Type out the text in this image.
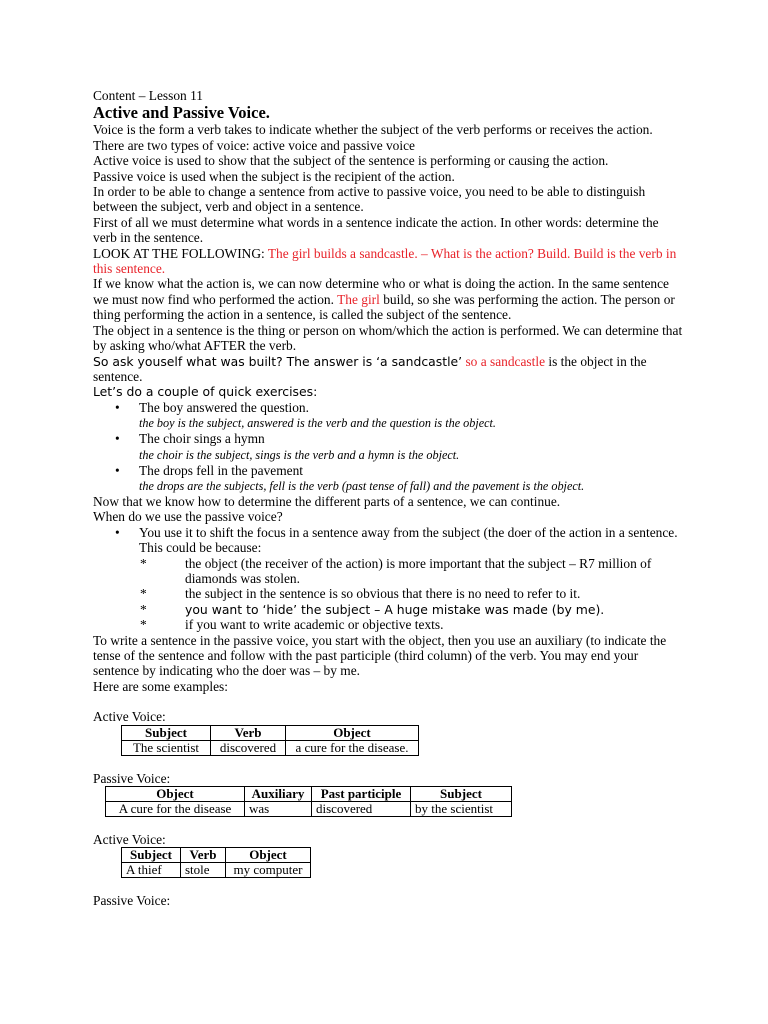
Content – Lesson 11

Active and Passive Voice.

Voice is the form a verb takes to indicate whether the subject of the verb performs or receives the action.

There are two types of voice: active voice and passive voice

Active voice is used to show that the subject of the sentence is performing or causing the action.

Passive voice is used when the subject is the recipient of the action.

In order to be able to change a sentence from active to passive voice, you need to be able to distinguish between the subject, verb and object in a sentence.

First of all we must determine what words in a sentence indicate the action. In other words: determine the verb in the sentence.

LOOK AT THE FOLLOWING: The girl builds a sandcastle. – What is the action? Build. Build is the verb in this sentence.

If we know what the action is, we can now determine who or what is doing the action. In the same sentence we must now find who performed the action. The girl build, so she was performing the action. The person or thing performing the action in a sentence, is called the subject of the sentence.

The object in a sentence is the thing or person on whom/which the action is performed. We can determine that by asking who/what AFTER the verb.

So ask youself what was built? The answer is ‘a sandcastle’ so a sandcastle is the object in the sentence.

Let’s do a couple of quick exercises:

• The boy answered the question.
the boy is the subject, answered is the verb and the question is the object.
• The choir sings a hymn
the choir is the subject, sings is the verb and a hymn is the object.
• The drops fell in the pavement
the drops are the subjects, fell is the verb (past tense of fall) and the pavement is the object.

Now that we know how to determine the different parts of a sentence, we can continue.

When do we use the passive voice?

• You use it to shift the focus in a sentence away from the subject (the doer of the action in a sentence. This could be because:
*	the object (the receiver of the action) is more important that the subject – R7 million of diamonds was stolen.
*	the subject in the sentence is so obvious that there is no need to refer to it.
*	you want to ‘hide’ the subject – A huge mistake was made (by me).
*	if you want to write academic or objective texts.

To write a sentence in the passive voice, you start with the object, then you use an auxiliary (to indicate the tense of the sentence and follow with the past participle (third column) of the verb. You may end your sentence by indicating who the doer was – by me.

Here are some examples:

Active Voice:

Subject	Verb	Object
The scientist	discovered	a cure for the disease.

Passive Voice:

Object	Auxiliary	Past participle	Subject
A cure for the disease	was	discovered	by the scientist

Active Voice:

Subject	Verb	Object
A thief	stole	my computer

Passive Voice:
